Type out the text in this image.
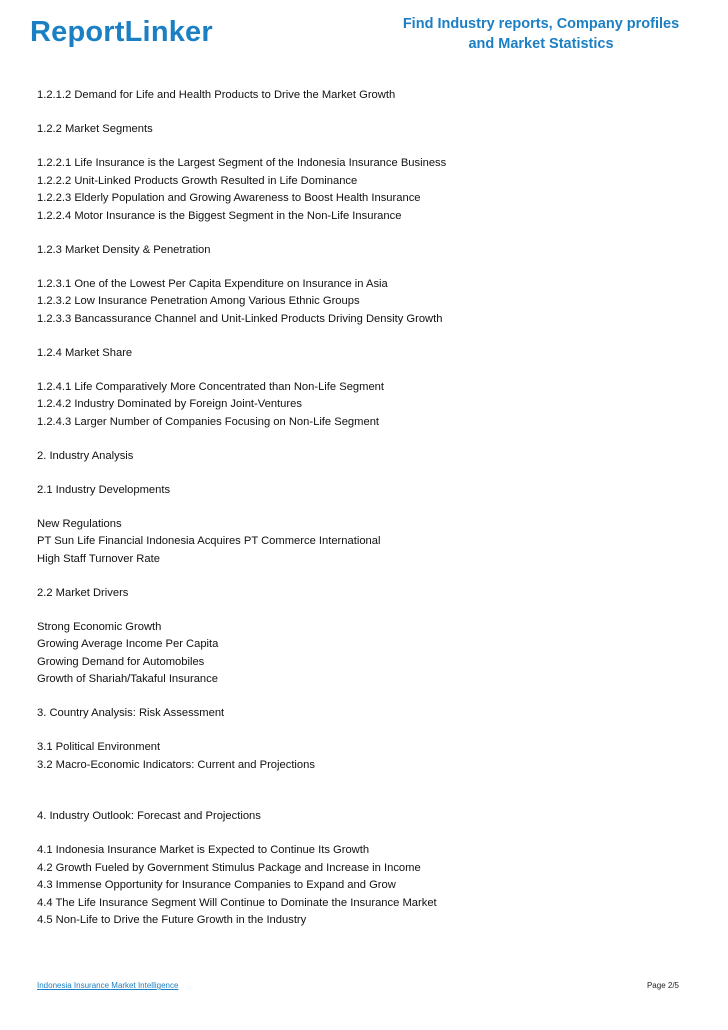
ReportLinker	Find Industry reports, Company profiles
and Market Statistics
1.2.1.2 Demand for Life and Health Products to Drive the Market Growth
1.2.2 Market Segments
1.2.2.1 Life Insurance is the Largest Segment of the Indonesia Insurance Business
1.2.2.2 Unit-Linked Products Growth Resulted in Life Dominance
1.2.2.3 Elderly Population and Growing Awareness to Boost Health Insurance
1.2.2.4 Motor Insurance is the Biggest Segment in the Non-Life Insurance
1.2.3 Market Density & Penetration
1.2.3.1 One of the Lowest Per Capita Expenditure on Insurance in Asia
1.2.3.2 Low Insurance Penetration Among Various Ethnic Groups
1.2.3.3 Bancassurance Channel and Unit-Linked Products Driving Density Growth
1.2.4 Market Share
1.2.4.1 Life Comparatively More Concentrated than Non-Life Segment
1.2.4.2 Industry Dominated by Foreign Joint-Ventures
1.2.4.3 Larger Number of Companies Focusing on Non-Life Segment
2. Industry Analysis
2.1 Industry Developments
New Regulations
PT Sun Life Financial Indonesia Acquires PT Commerce International
High Staff Turnover Rate
2.2 Market Drivers
Strong Economic Growth
Growing Average Income Per Capita
Growing Demand for Automobiles
Growth of Shariah/Takaful Insurance
3. Country Analysis: Risk Assessment
3.1 Political Environment
3.2 Macro-Economic Indicators: Current and Projections
4. Industry Outlook: Forecast and Projections
4.1 Indonesia Insurance Market is Expected to Continue Its Growth
4.2 Growth Fueled by Government Stimulus Package and Increase in Income
4.3 Immense Opportunity for Insurance Companies to Expand and Grow
4.4 The Life Insurance Segment Will Continue to Dominate the Insurance Market
4.5 Non-Life to Drive the Future Growth in the Industry
Indonesia Insurance Market Intelligence	Page 2/5
